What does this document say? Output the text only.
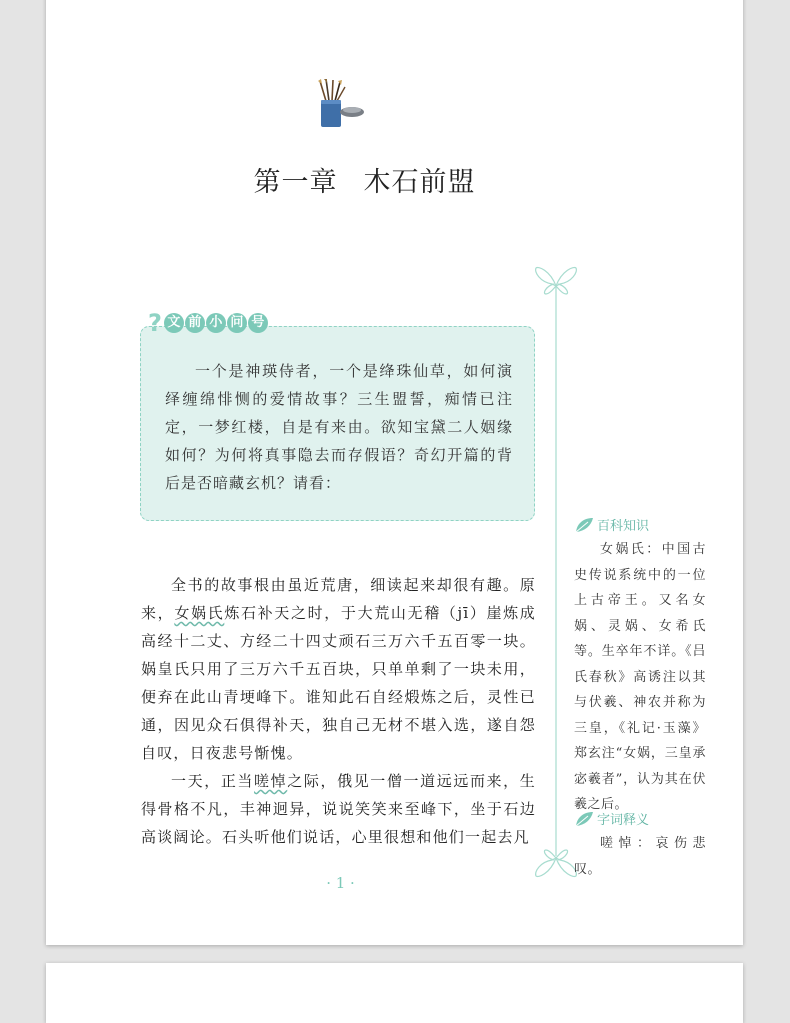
第一章 木石前盟
一个是神瑛侍者，一个是绛珠仙草，如何演绎缠绵悱恻的爱情故事？三生盟誓，痴情已注定，一梦红楼，自是有来由。欲知宝黛二人姻缘如何？为何将真事隐去而存假语？奇幻开篇的背后是否暗藏玄机？请看：
? 文 前 小 问 号

全书的故事根由虽近荒唐，细读起来却很有趣。原来，女娲氏炼石补天之时，于大荒山无稽（jī）崖炼成高经十二丈、方经二十四丈顽石三万六千五百零一块。娲皇氏只用了三万六千五百块，只单单剩了一块未用，便弃在此山青埂峰下。谁知此石自经煅炼之后，灵性已通，因见众石俱得补天，独自己无材不堪入选，遂自怨自叹，日夜悲号惭愧。

一天，正当嗟悼之际，俄见一僧一道远远而来，生得骨格不凡，丰神迥异，说说笑笑来至峰下，坐于石边高谈阔论。石头听他们说话，心里很想和他们一起去凡

百科知识

女娲氏：中国古史传说系统中的一位上古帝王。又名女娲、灵娲、女希氏等。生卒年不详。《吕氏春秋》高诱注以其与伏羲、神农并称为三皇，《礼记·玉藻》郑玄注“女娲，三皇承宓羲者”，认为其在伏羲之后。

字词释义

嗟悼：哀伤悲叹。

· 1 ·
